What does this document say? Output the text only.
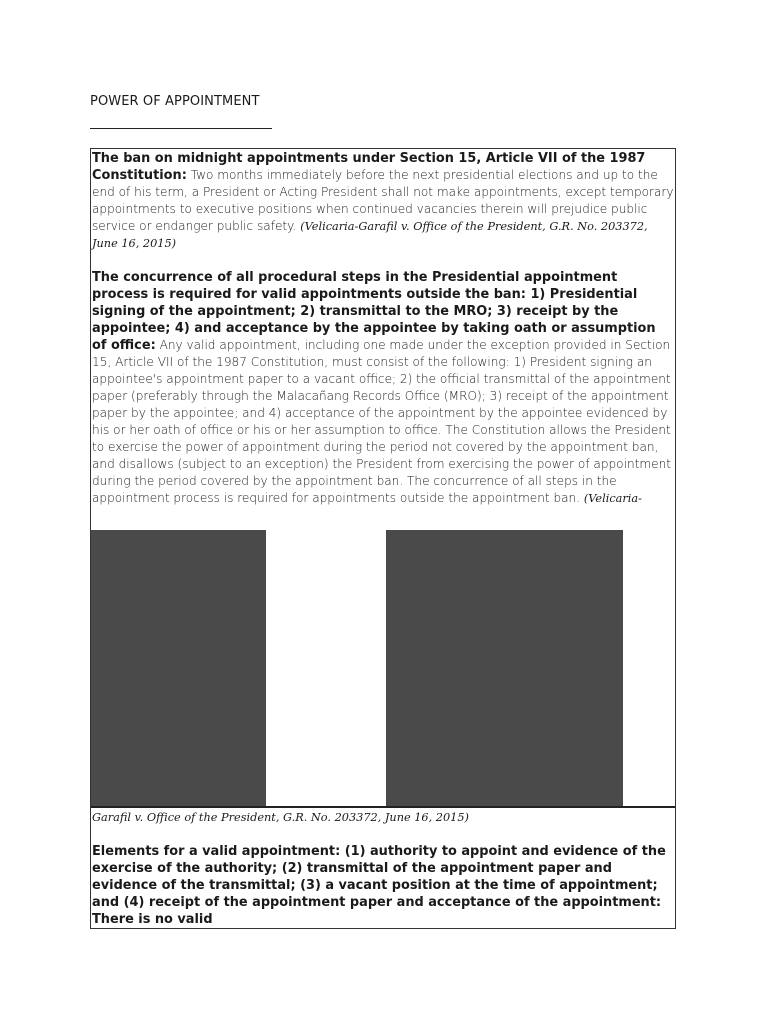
POWER OF APPOINTMENT

The ban on midnight appointments under Section 15, Article VII of the 1987 Constitution: Two months immediately before the next presidential elections and up to the end of his term, a President or Acting President shall not make appointments, except temporary appointments to executive positions when continued vacancies therein will prejudice public service or endanger public safety. (Velicaria-Garafil v. Office of the President, G.R. No. 203372, June 16, 2015)

The concurrence of all procedural steps in the Presidential appointment process is required for valid appointments outside the ban: 1) Presidential signing of the appointment; 2) transmittal to the MRO; 3) receipt by the appointee; 4) and acceptance by the appointee by taking oath or assumption of office: Any valid appointment, including one made under the exception provided in Section 15, Article VII of the 1987 Constitution, must consist of the following: 1) President signing an appointee's appointment paper to a vacant office; 2) the official transmittal of the appointment paper (preferably through the Malacañang Records Office (MRO); 3) receipt of the appointment paper by the appointee; and 4) acceptance of the appointment by the appointee evidenced by his or her oath of office or his or her assumption to office. The Constitution allows the President to exercise the power of appointment during the period not covered by the appointment ban, and disallows (subject to an exception) the President from exercising the power of appointment during the period covered by the appointment ban. The concurrence of all steps in the appointment process is required for appointments outside the appointment ban. (Velicaria-

Garafil v. Office of the President, G.R. No. 203372, June 16, 2015)

Elements for a valid appointment: (1) authority to appoint and evidence of the exercise of the authority; (2) transmittal of the appointment paper and evidence of the transmittal; (3) a vacant position at the time of appointment; and (4) receipt of the appointment paper and acceptance of the appointment: There is no valid
